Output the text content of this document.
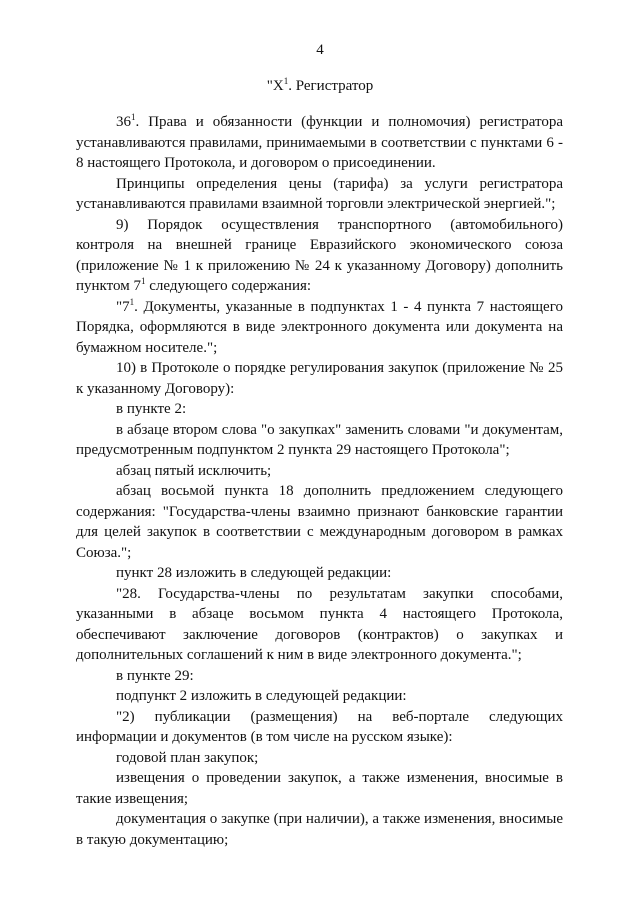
4
"$X^1$. Регистратор

$36^1$. Права и обязанности (функции и полномочия) регистратора устанавливаются правилами, принимаемыми в соответствии с пунктами 6 - 8 настоящего Протокола, и договором о присоединении.

Принципы определения цены (тарифа) за услуги регистратора устанавливаются правилами взаимной торговли электрической энергией.";

9) Порядок осуществления транспортного (автомобильного) контроля на внешней границе Евразийского экономического союза (приложение № 1 к приложению № 24 к указанному Договору) дополнить пунктом $7^1$ следующего содержания:

"$7^1$. Документы, указанные в подпунктах 1 - 4 пункта 7 настоящего Порядка, оформляются в виде электронного документа или документа на бумажном носителе.";

10) в Протоколе о порядке регулирования закупок (приложение № 25 к указанному Договору):

в пункте 2:

в абзаце втором слова "о закупках" заменить словами "и документам, предусмотренным подпунктом 2 пункта 29 настоящего Протокола";

абзац пятый исключить;

абзац восьмой пункта 18 дополнить предложением следующего содержания: "Государства-члены взаимно признают банковские гарантии для целей закупок в соответствии с международным договором в рамках Союза.";

пункт 28 изложить в следующей редакции:

"28. Государства-члены по результатам закупки способами, указанными в абзаце восьмом пункта 4 настоящего Протокола, обеспечивают заключение договоров (контрактов) о закупках и дополнительных соглашений к ним в виде электронного документа.";

в пункте 29:

подпункт 2 изложить в следующей редакции:

"2) публикации (размещения) на веб-портале следующих информации и документов (в том числе на русском языке):

годовой план закупок;

извещения о проведении закупок, а также изменения, вносимые в такие извещения;

документация о закупке (при наличии), а также изменения, вносимые в такую документацию;
